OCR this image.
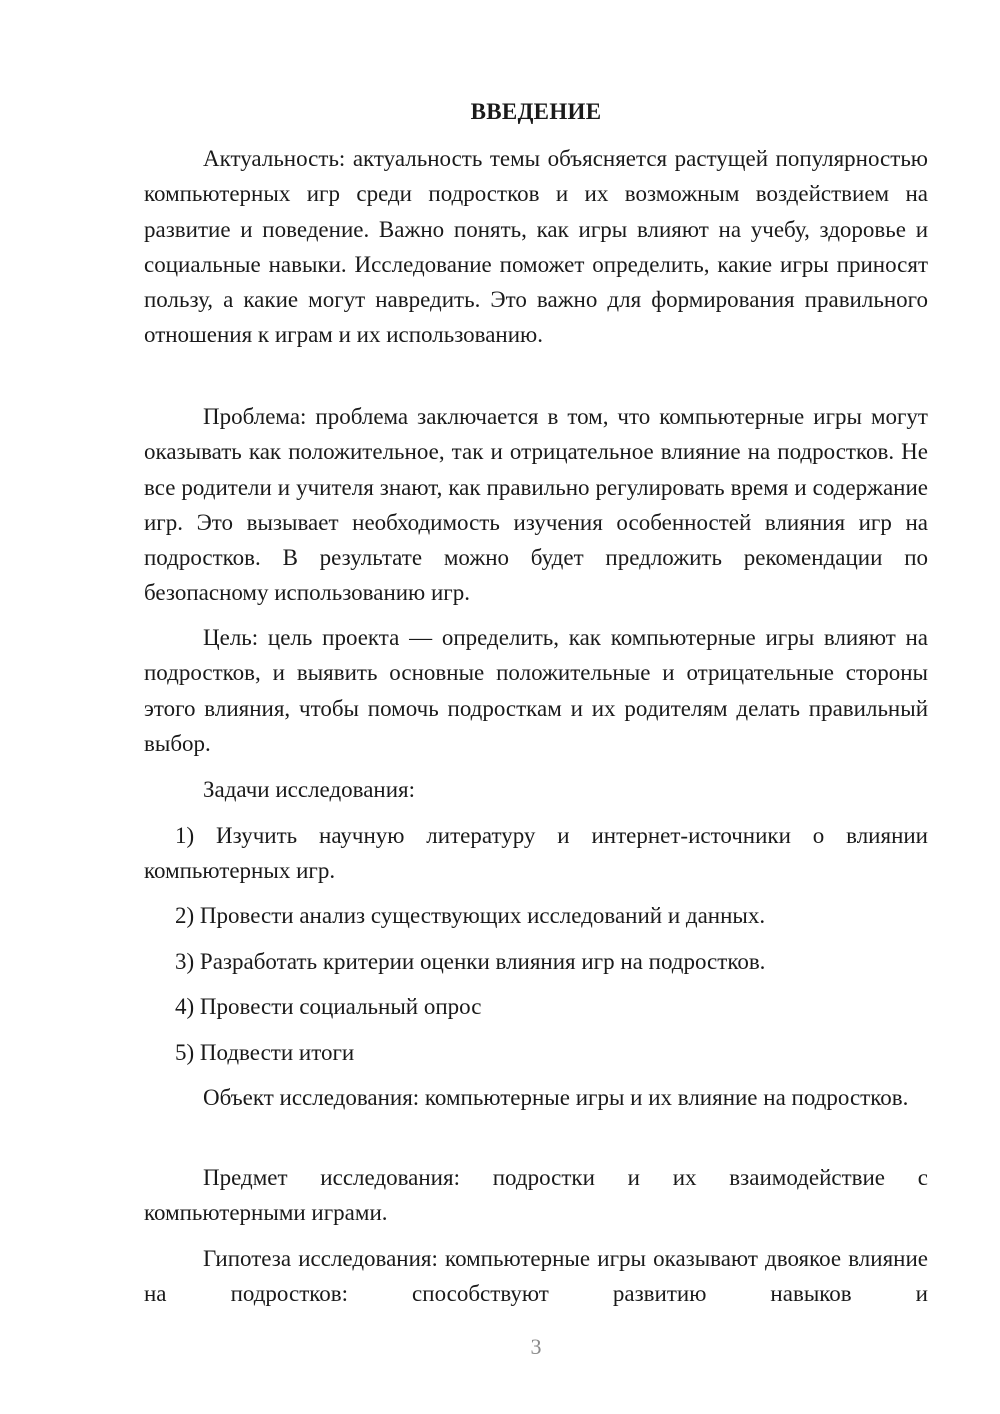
ВВЕДЕНИЕ

Актуальность: актуальность темы объясняется растущей популярностью компьютерных игр среди подростков и их возможным воздействием на развитие и поведение. Важно понять, как игры влияют на учебу, здоровье и социальные навыки. Исследование поможет определить, какие игры приносят пользу, а какие могут навредить. Это важно для формирования правильного отношения к играм и их использованию.

Проблема: проблема заключается в том, что компьютерные игры могут оказывать как положительное, так и отрицательное влияние на подростков. Не все родители и учителя знают, как правильно регулировать время и содержание игр. Это вызывает необходимость изучения особенностей влияния игр на подростков. В результате можно будет предложить рекомендации по безопасному использованию игр.

Цель: цель проекта — определить, как компьютерные игры влияют на подростков, и выявить основные положительные и отрицательные стороны этого влияния, чтобы помочь подросткам и их родителям делать правильный выбор.

Задачи исследования:

1) Изучить научную литературу и интернет-источники о влиянии компьютерных игр.

2) Провести анализ существующих исследований и данных.

3) Разработать критерии оценки влияния игр на подростков.

4) Провести социальный опрос

5) Подвести итоги

Объект исследования: компьютерные игры и их влияние на подростков.

Предмет исследования: подростки и их взаимодействие с компьютерными играми.

Гипотеза исследования: компьютерные игры оказывают двоякое влияние на подростков: способствуют развитию навыков и

3
